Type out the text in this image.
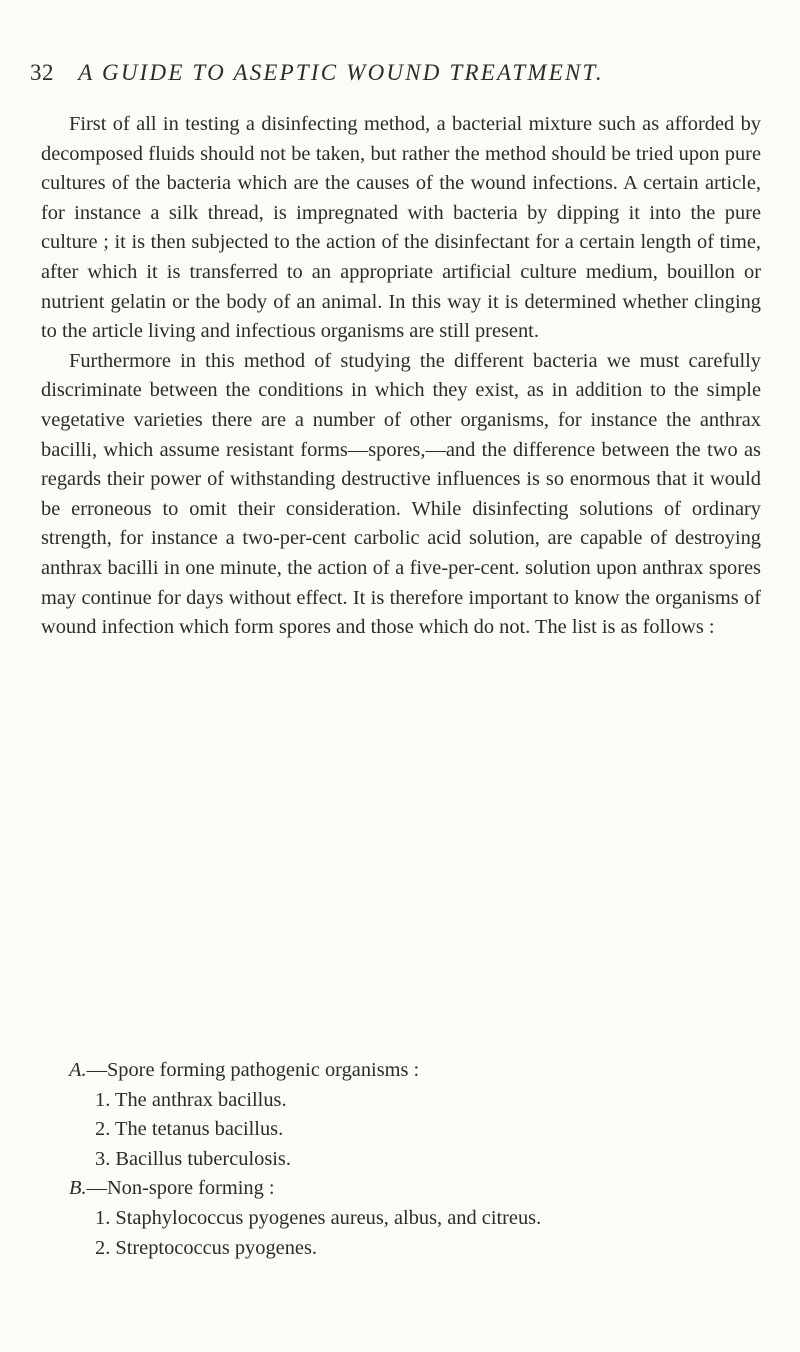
32 A GUIDE TO ASEPTIC WOUND TREATMENT.

First of all in testing a disinfecting method, a bacterial mixture such as afforded by decomposed fluids should not be taken, but rather the method should be tried upon pure cultures of the bacteria which are the causes of the wound infections. A certain article, for instance a silk thread, is impregnated with bacteria by dipping it into the pure culture ; it is then subjected to the action of the disinfectant for a certain length of time, after which it is transferred to an appropriate artificial culture medium, bouillon or nutrient gelatin or the body of an animal. In this way it is determined whether clinging to the article living and infectious organisms are still present.

Furthermore in this method of studying the different bacteria we must carefully discriminate between the conditions in which they exist, as in addition to the simple vegetative varieties there are a number of other organisms, for instance the anthrax bacilli, which assume resistant forms—spores,—and the difference between the two as regards their power of withstanding destructive influences is so enormous that it would be erroneous to omit their consideration. While disinfecting solutions of ordinary strength, for instance a two-per-cent carbolic acid solution, are capable of destroying anthrax bacilli in one minute, the action of a five-per-cent. solution upon anthrax spores may continue for days without effect. It is therefore important to know the organisms of wound infection which form spores and those which do not. The list is as follows :

A.—Spore forming pathogenic organisms :

1. The anthrax bacillus.

2. The tetanus bacillus.

3. Bacillus tuberculosis.

B.—Non-spore forming :

1. Staphylococcus pyogenes aureus, albus, and citreus.

2. Streptococcus pyogenes.
